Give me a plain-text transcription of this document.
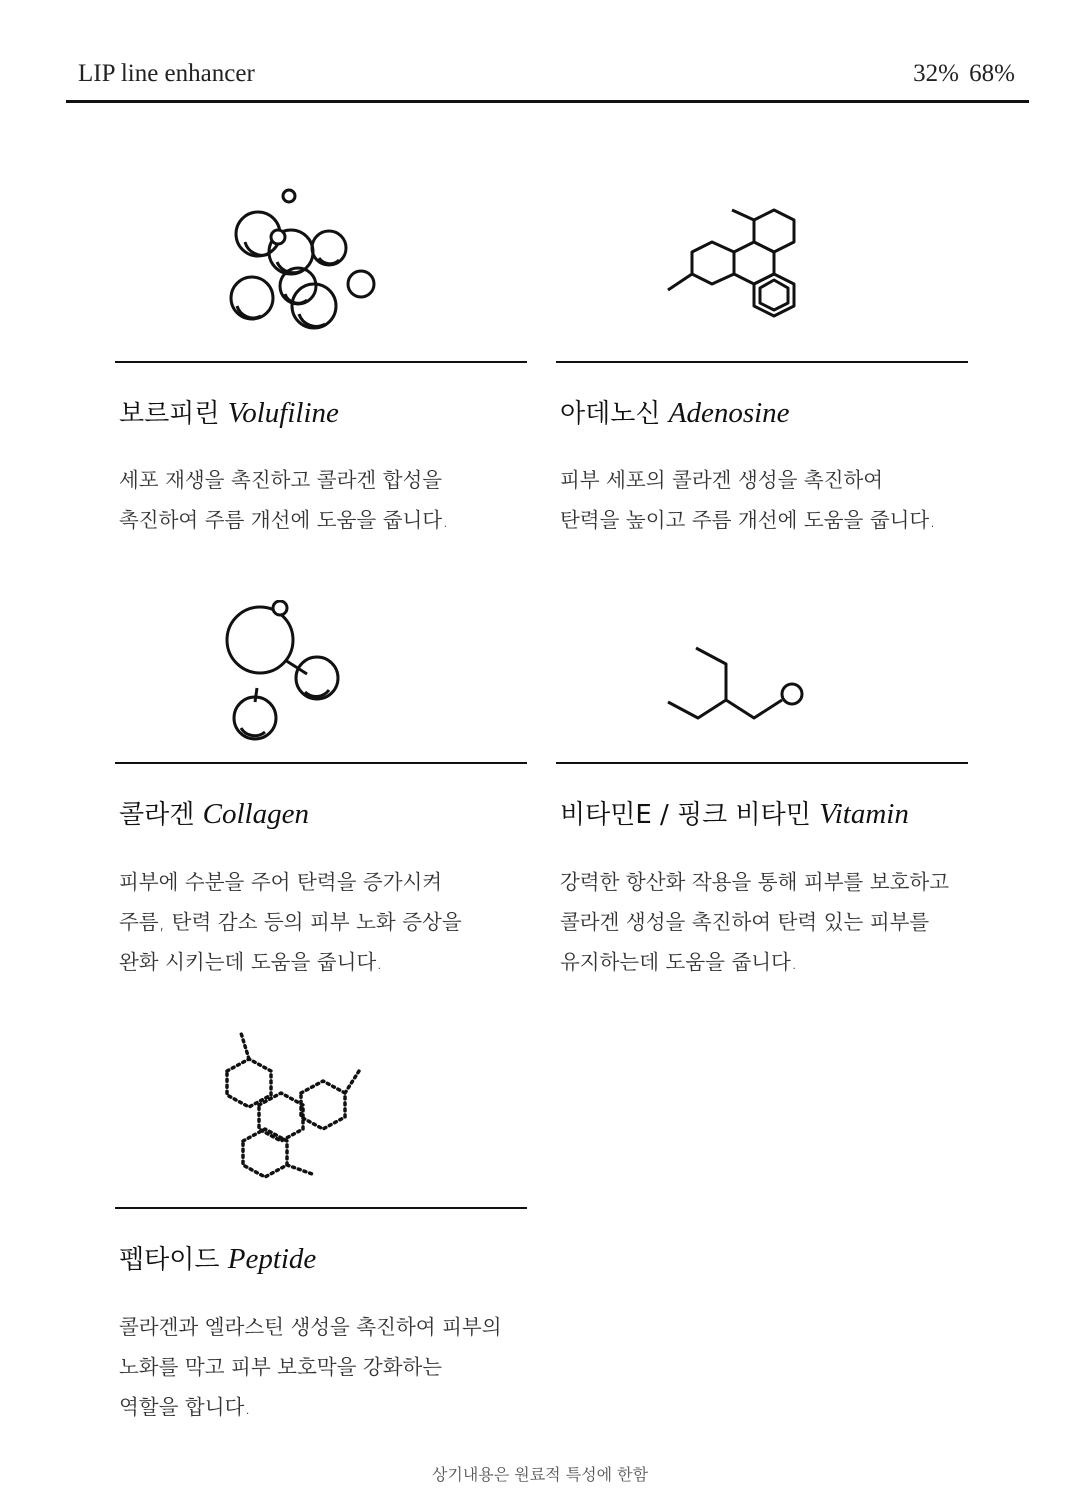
LIP line enhancer	32% 68%
보르피린 Volufiline
세포 재생을 촉진하고 콜라겐 합성을
촉진하여 주름 개선에 도움을 줍니다.
아데노신 Adenosine
피부 세포의 콜라겐 생성을 촉진하여
탄력을 높이고 주름 개선에 도움을 줍니다.
콜라겐 Collagen
피부에 수분을 주어 탄력을 증가시켜
주름, 탄력 감소 등의 피부 노화 증상을
완화 시키는데 도움을 줍니다.
비타민E / 핑크 비타민 Vitamin
강력한 항산화 작용을 통해 피부를 보호하고
콜라겐 생성을 촉진하여 탄력 있는 피부를
유지하는데 도움을 줍니다.
펩타이드 Peptide
콜라겐과 엘라스틴 생성을 촉진하여 피부의
노화를 막고 피부 보호막을 강화하는
역할을 합니다.
상기내용은 원료적 특성에 한함
